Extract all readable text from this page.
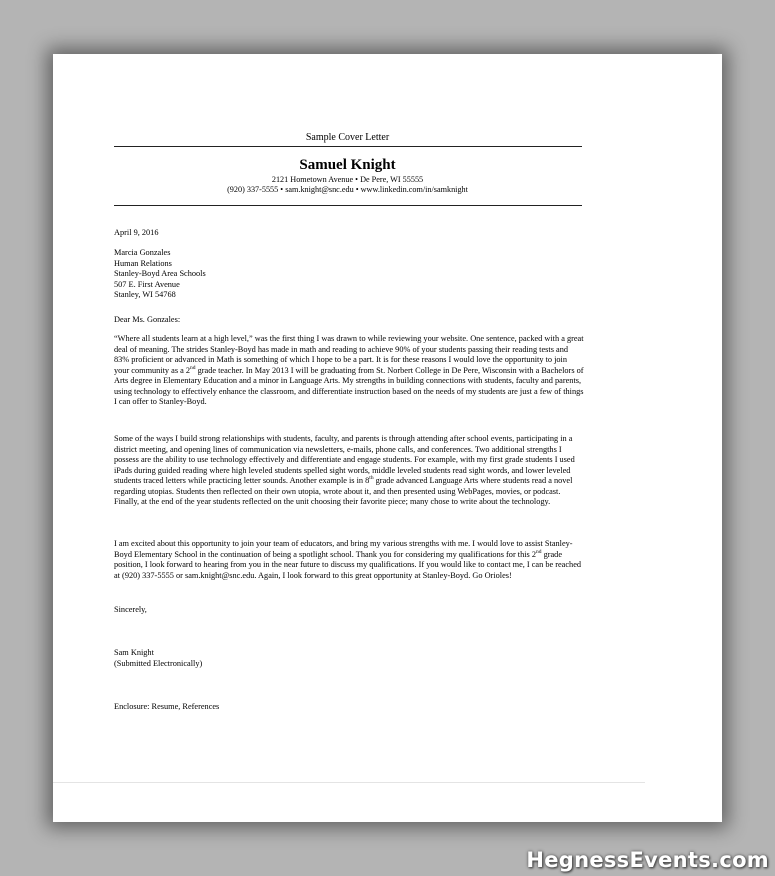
Sample Cover Letter
Samuel Knight
2121 Hometown Avenue • De Pere, WI 55555
(920) 337-5555 • sam.knight@snc.edu • www.linkedin.com/in/samknight

April 9, 2016

Marcia Gonzales
Human Relations
Stanley-Boyd Area Schools
507 E. First Avenue
Stanley, WI 54768

Dear Ms. Gonzales:

“Where all students learn at a high level,” was the first thing I was drawn to while reviewing your website. One sentence, packed with a great deal of meaning. The strides Stanley-Boyd has made in math and reading to achieve 90% of your students passing their reading tests and 83% proficient or advanced in Math is something of which I hope to be a part. It is for these reasons I would love the opportunity to join your community as a 2nd grade teacher. In May 2013 I will be graduating from St. Norbert College in De Pere, Wisconsin with a Bachelors of Arts degree in Elementary Education and a minor in Language Arts. My strengths in building connections with students, faculty and parents, using technology to effectively enhance the classroom, and differentiate instruction based on the needs of my students are just a few of things I can offer to Stanley-Boyd.

Some of the ways I build strong relationships with students, faculty, and parents is through attending after school events, participating in a district meeting, and opening lines of communication via newsletters, e-mails, phone calls, and conferences. Two additional strengths I possess are the ability to use technology effectively and differentiate and engage students. For example, with my first grade students I used iPads during guided reading where high leveled students spelled sight words, middle leveled students read sight words, and lower leveled students traced letters while practicing letter sounds. Another example is in 8th grade advanced Language Arts where students read a novel regarding utopias. Students then reflected on their own utopia, wrote about it, and then presented using WebPages, movies, or podcast. Finally, at the end of the year students reflected on the unit choosing their favorite piece; many chose to write about the technology.

I am excited about this opportunity to join your team of educators, and bring my various strengths with me. I would love to assist Stanley-Boyd Elementary School in the continuation of being a spotlight school. Thank you for considering my qualifications for this 2nd grade position, I look forward to hearing from you in the near future to discuss my qualifications. If you would like to contact me, I can be reached at (920) 337-5555 or sam.knight@snc.edu. Again, I look forward to this great opportunity at Stanley-Boyd. Go Orioles!

Sincerely,

Sam Knight
(Submitted Electronically)

Enclosure: Resume, References

HegnessEvents.com
